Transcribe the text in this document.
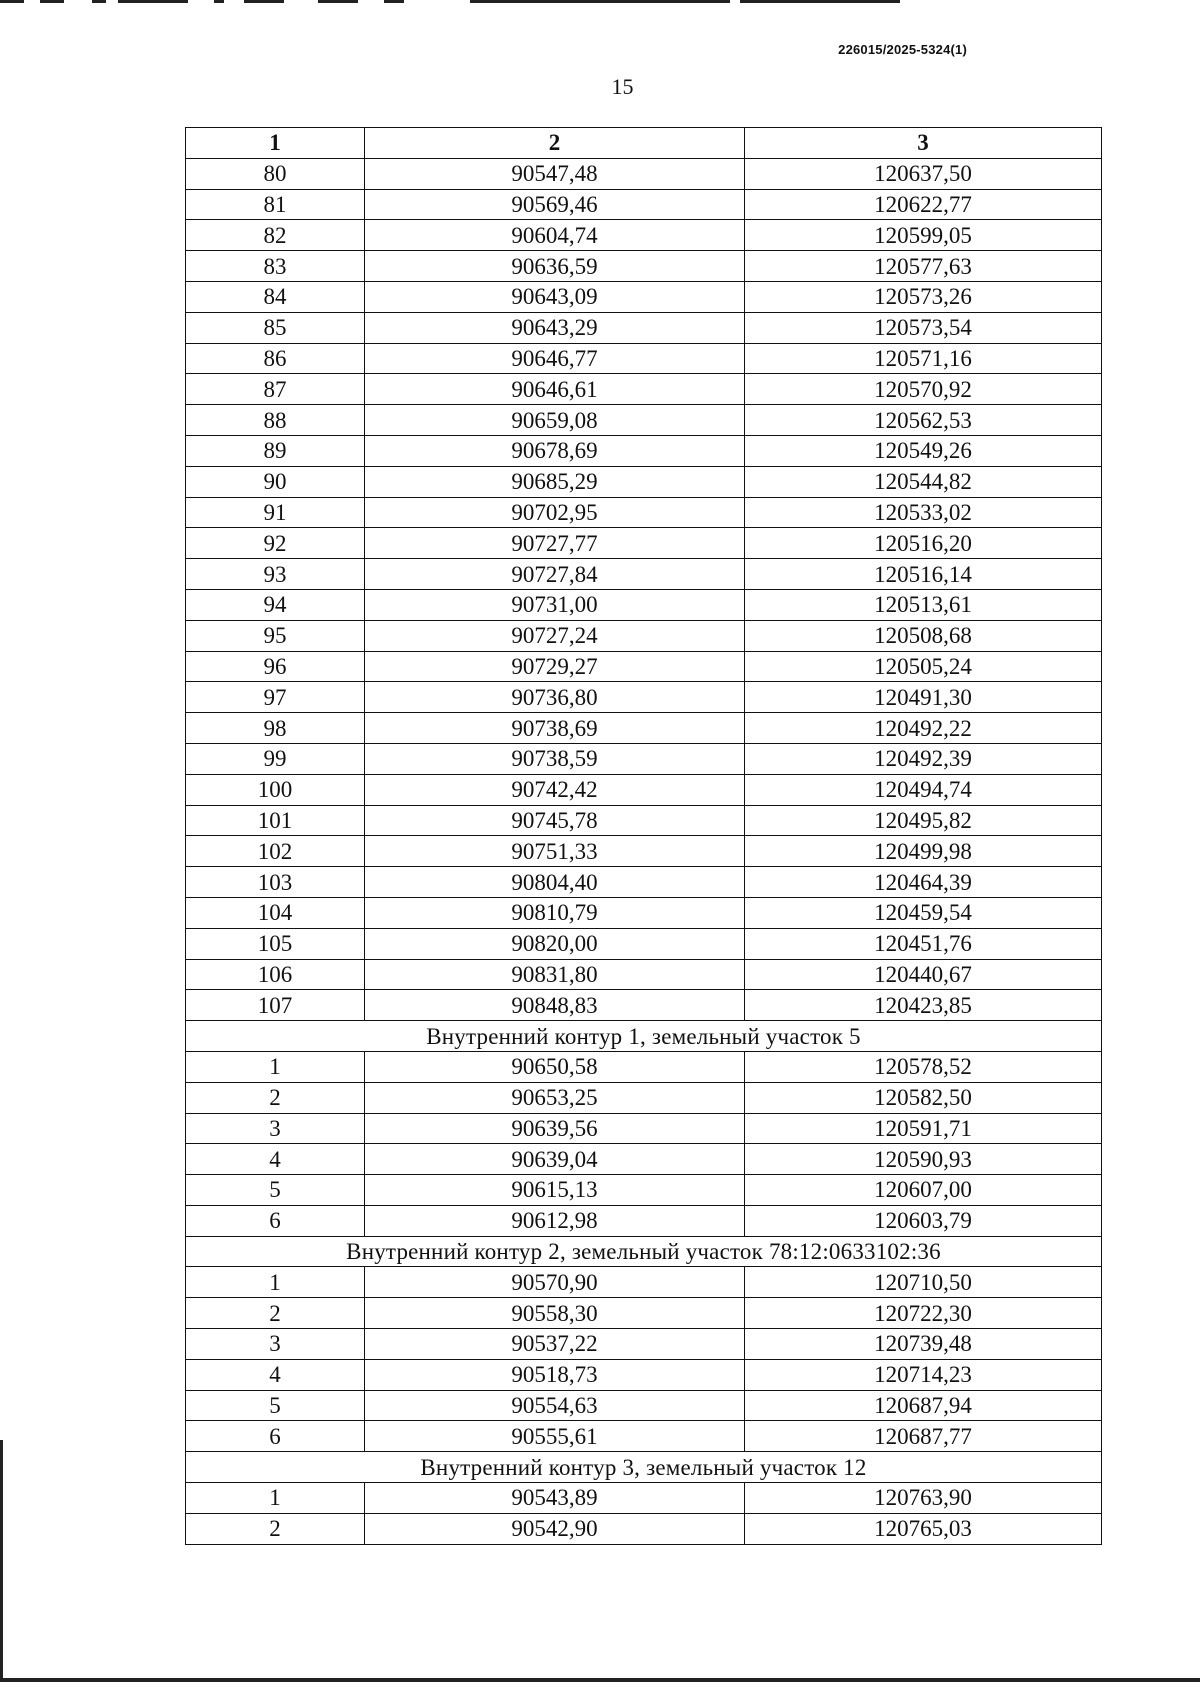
226015/2025-5324(1)
15
1	2	3
80	90547,48	120637,50
81	90569,46	120622,77
82	90604,74	120599,05
83	90636,59	120577,63
84	90643,09	120573,26
85	90643,29	120573,54
86	90646,77	120571,16
87	90646,61	120570,92
88	90659,08	120562,53
89	90678,69	120549,26
90	90685,29	120544,82
91	90702,95	120533,02
92	90727,77	120516,20
93	90727,84	120516,14
94	90731,00	120513,61
95	90727,24	120508,68
96	90729,27	120505,24
97	90736,80	120491,30
98	90738,69	120492,22
99	90738,59	120492,39
100	90742,42	120494,74
101	90745,78	120495,82
102	90751,33	120499,98
103	90804,40	120464,39
104	90810,79	120459,54
105	90820,00	120451,76
106	90831,80	120440,67
107	90848,83	120423,85
Внутренний контур 1, земельный участок 5		
1	90650,58	120578,52
2	90653,25	120582,50
3	90639,56	120591,71
4	90639,04	120590,93
5	90615,13	120607,00
6	90612,98	120603,79
Внутренний контур 2, земельный участок 78:12:0633102:36		
1	90570,90	120710,50
2	90558,30	120722,30
3	90537,22	120739,48
4	90518,73	120714,23
5	90554,63	120687,94
6	90555,61	120687,77
Внутренний контур 3, земельный участок 12		
1	90543,89	120763,90
2	90542,90	120765,03
